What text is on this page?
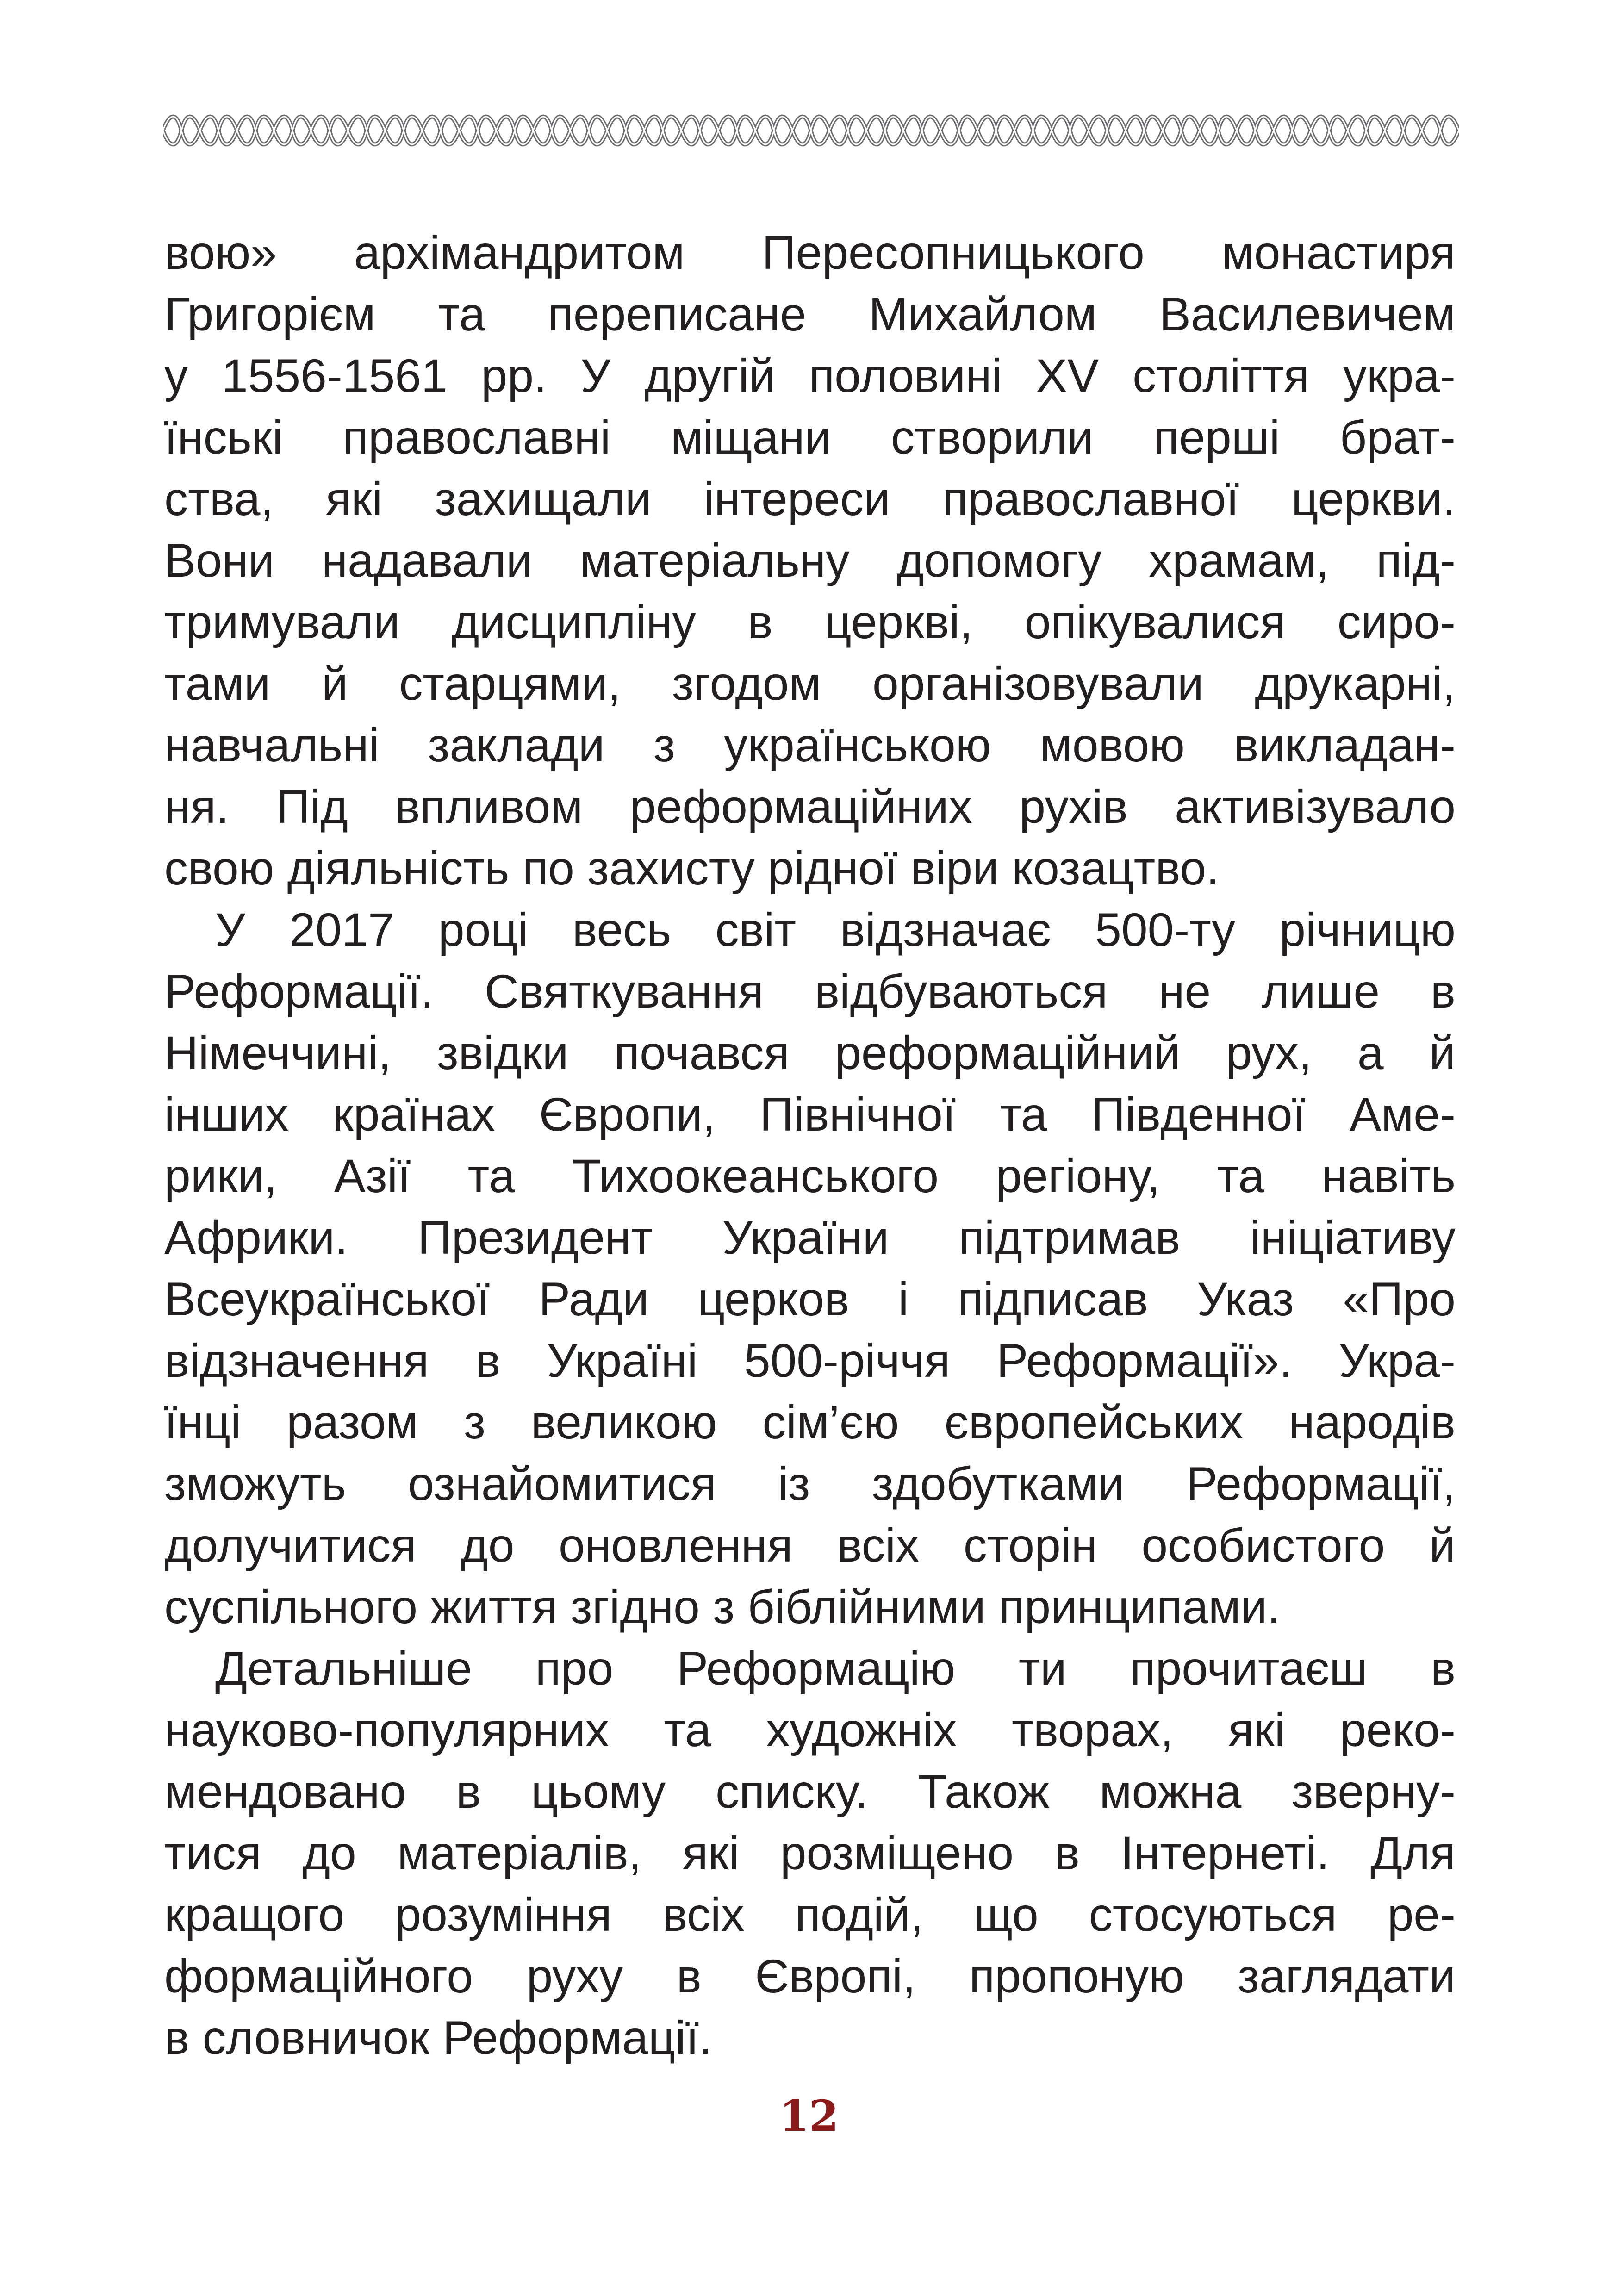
вою» архімандритом Пересопницького монастиря
Григорієм та переписане Михайлом Василевичем
у 1556-1561 рр. У другій половині XV століття укра-
їнські православні міщани створили перші брат-
ства, які захищали інтереси православної церкви.
Вони надавали матеріальну допомогу храмам, під-
тримували дисципліну в церкві, опікувалися сиро-
тами й старцями, згодом організовували друкарні,
навчальні заклади з українською мовою викладан-
ня. Під впливом реформаційних рухів активізувало
свою діяльність по захисту рідної віри козацтво.
У 2017 році весь світ відзначає 500-ту річницю
Реформації. Святкування відбуваються не лише в
Німеччині, звідки почався реформаційний рух, а й
інших країнах Європи, Північної та Південної Аме-
рики, Азії та Тихоокеанського регіону, та навіть
Африки. Президент України підтримав ініціативу
Всеукраїнської Ради церков і підписав Указ «Про
відзначення в Україні 500-річчя Реформації». Укра-
їнці разом з великою сім’єю європейських народів
зможуть ознайомитися із здобутками Реформації,
долучитися до оновлення всіх сторін особистого й
суспільного життя згідно з біблійними принципами.
Детальніше про Реформацію ти прочитаєш в
науково-популярних та художніх творах, які реко-
мендовано в цьому списку. Також можна зверну-
тися до матеріалів, які розміщено в Інтернеті. Для
кращого розуміння всіх подій, що стосуються ре-
формаційного руху в Європі, пропоную заглядати
в словничок Реформації.
12
